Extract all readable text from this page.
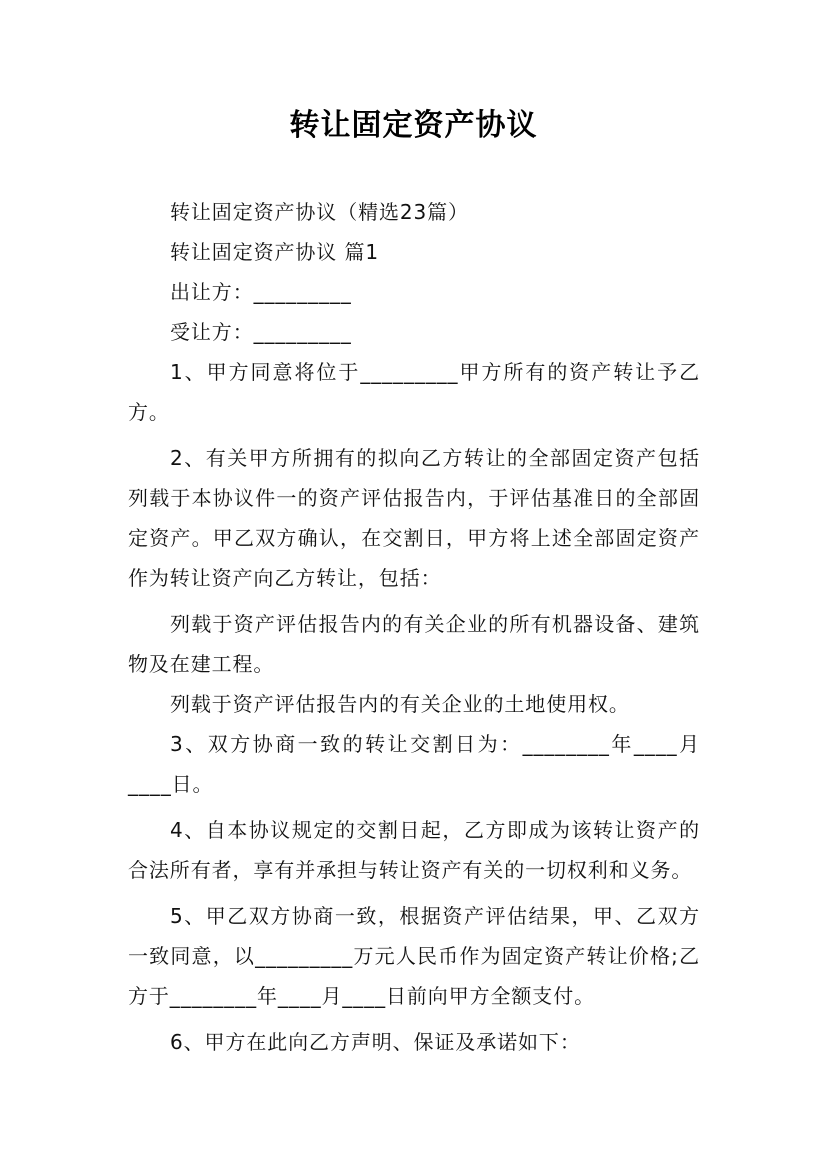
转让固定资产协议

转让固定资产协议（精选23篇）

转让固定资产协议 篇1

出让方：_________

受让方：_________

1、甲方同意将位于_________甲方所有的资产转让予乙方。

2、有关甲方所拥有的拟向乙方转让的全部固定资产包括列载于本协议件一的资产评估报告内，于评估基准日的全部固定资产。甲乙双方确认，在交割日，甲方将上述全部固定资产作为转让资产向乙方转让，包括：

列载于资产评估报告内的有关企业的所有机器设备、建筑物及在建工程。

列载于资产评估报告内的有关企业的土地使用权。

3、双方协商一致的转让交割日为：________年____月____日。

4、自本协议规定的交割日起，乙方即成为该转让资产的合法所有者，享有并承担与转让资产有关的一切权利和义务。

5、甲乙双方协商一致，根据资产评估结果，甲、乙双方一致同意，以_________万元人民币作为固定资产转让价格;乙方于________年____月____日前向甲方全额支付。

6、甲方在此向乙方声明、保证及承诺如下：
